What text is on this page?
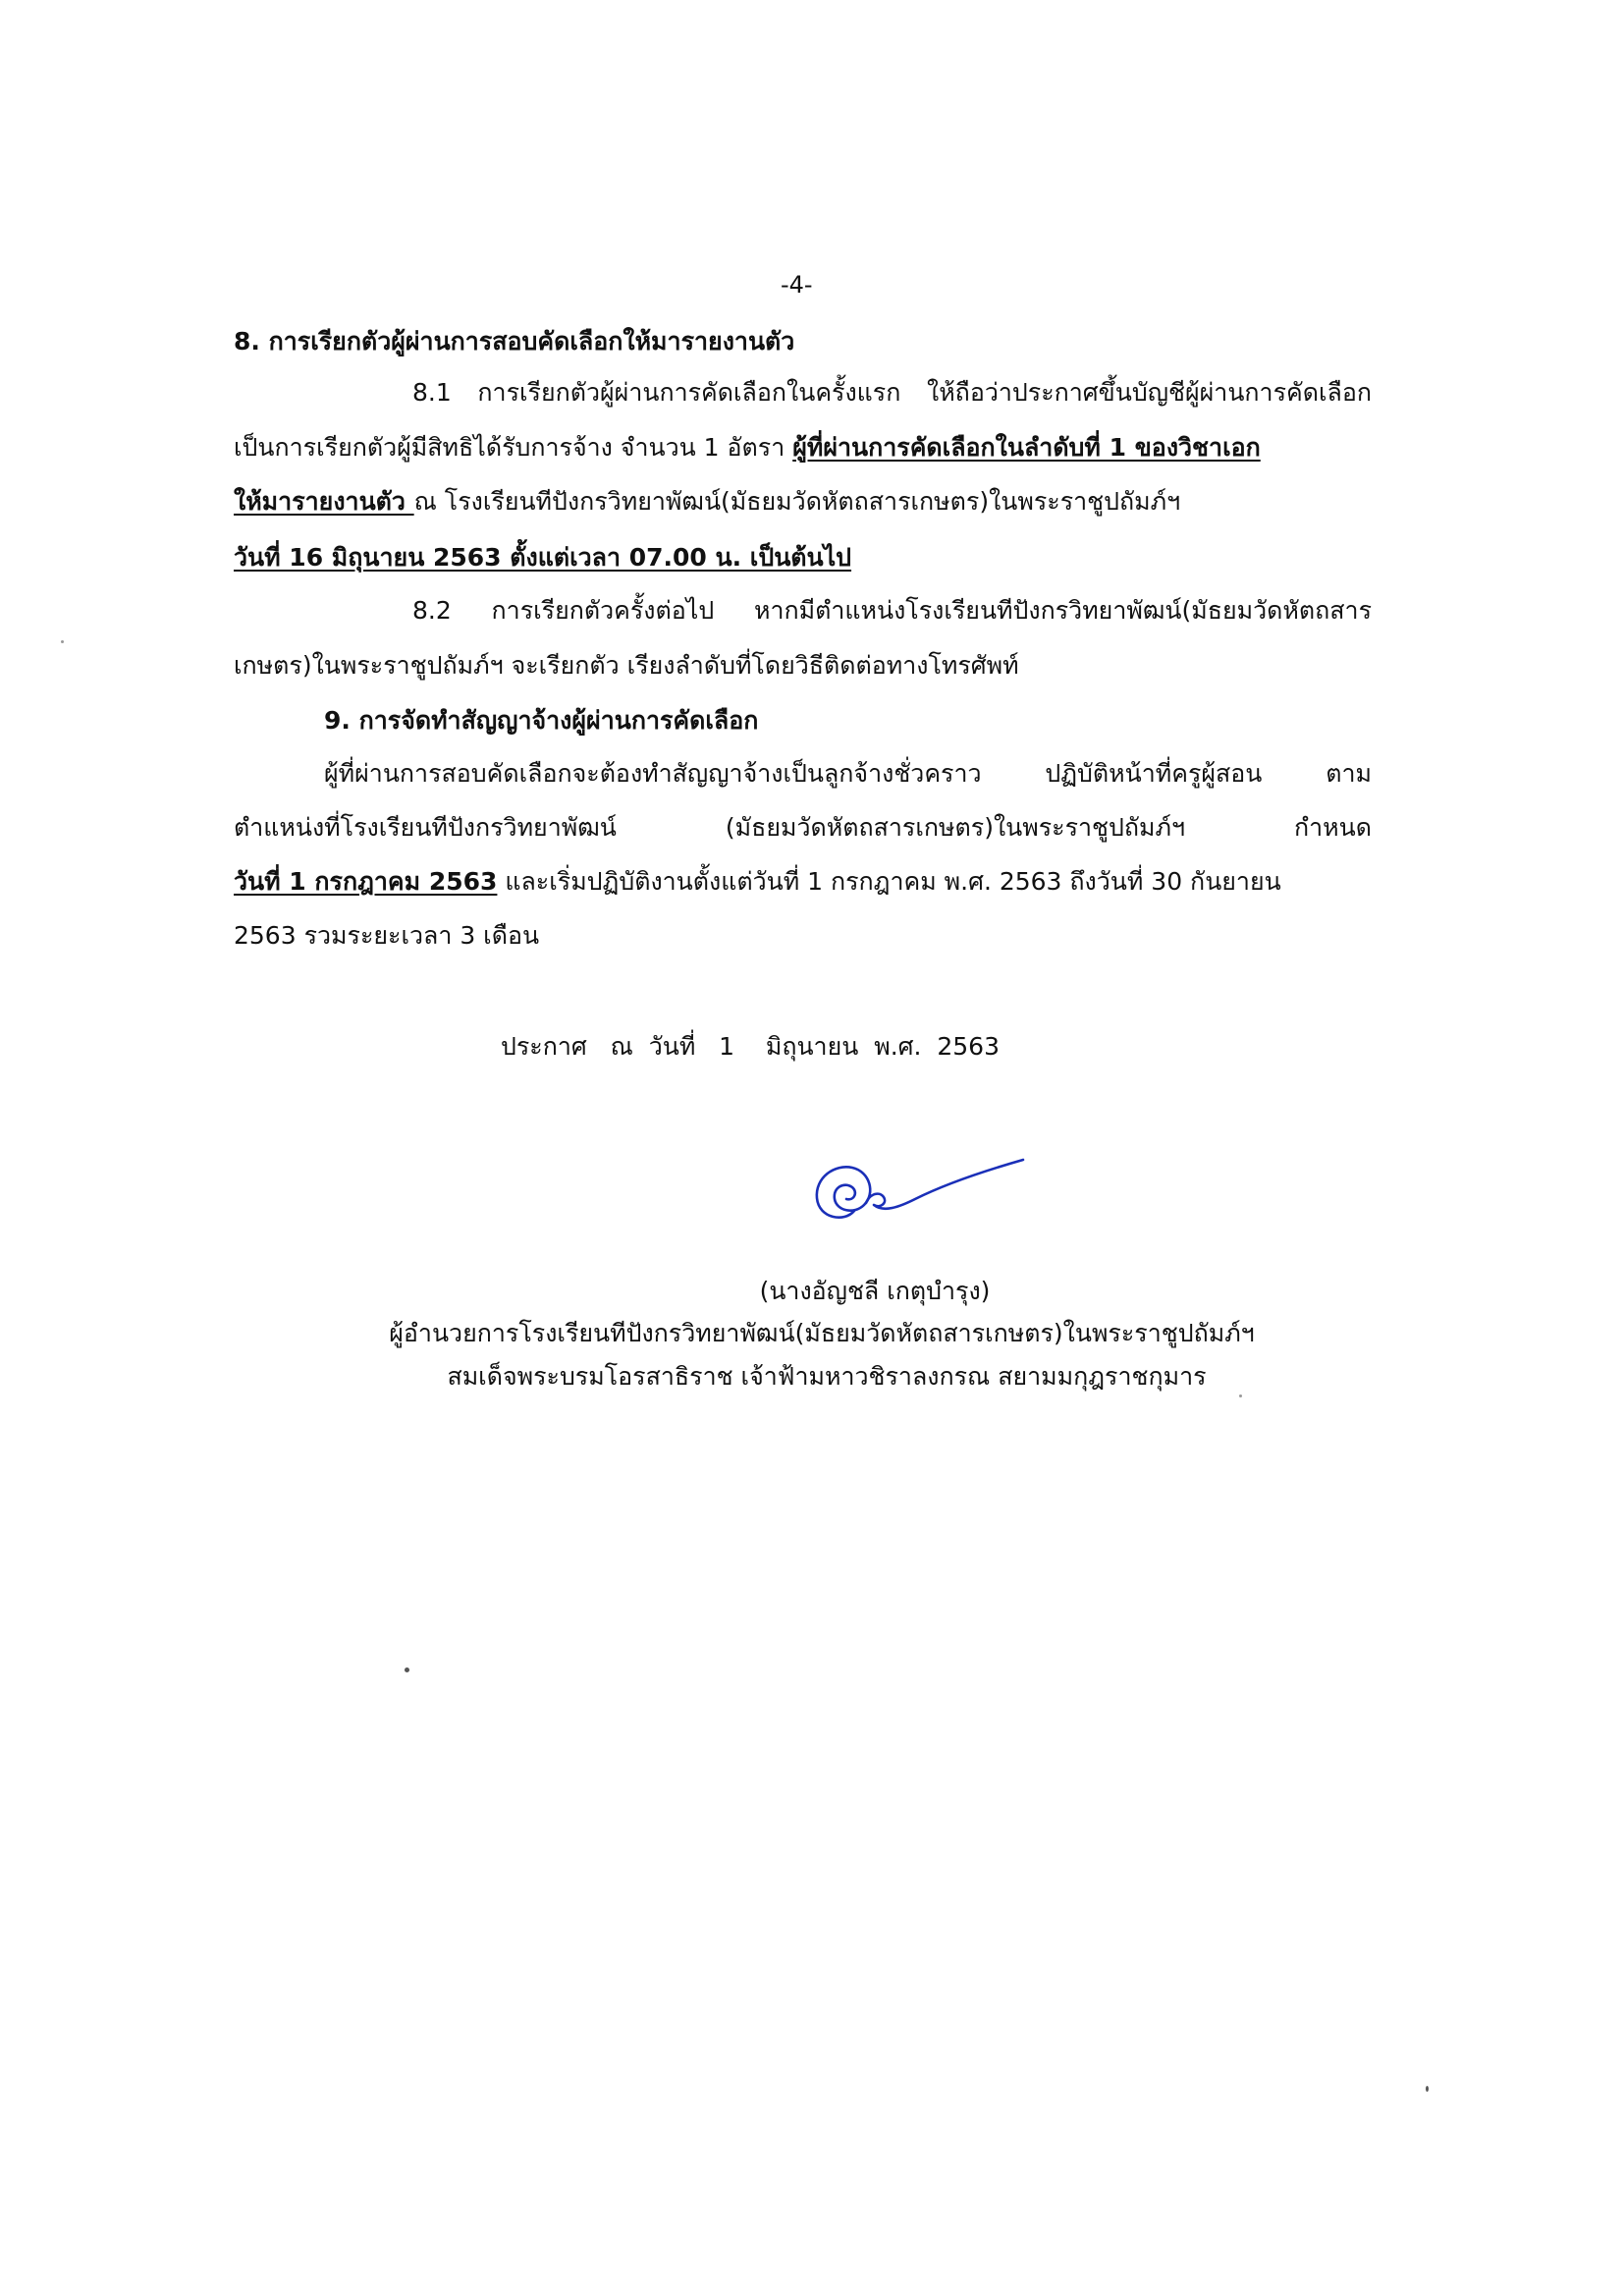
-4-
8. การเรียกตัวผู้ผ่านการสอบคัดเลือกให้มารายงานตัว
8.1 การเรียกตัวผู้ผ่านการคัดเลือกในครั้งแรก ให้ถือว่าประกาศขึ้นบัญชีผู้ผ่านการคัดเลือก
เป็นการเรียกตัวผู้มีสิทธิได้รับการจ้าง จำนวน 1 อัตรา ผู้ที่ผ่านการคัดเลือกในลำดับที่ 1 ของวิชาเอก
ให้มารายงานตัว ณ โรงเรียนทีปังกรวิทยาพัฒน์(มัธยมวัดหัตถสารเกษตร)ในพระราชูปถัมภ์ฯ
วันที่ 16 มิถุนายน 2563 ตั้งแต่เวลา 07.00 น. เป็นต้นไป
8.2 การเรียกตัวครั้งต่อไป หากมีตำแหน่งโรงเรียนทีปังกรวิทยาพัฒน์(มัธยมวัดหัตถสาร
เกษตร)ในพระราชูปถัมภ์ฯ จะเรียกตัว เรียงลำดับที่โดยวิธีติดต่อทางโทรศัพท์
9. การจัดทำสัญญาจ้างผู้ผ่านการคัดเลือก
ผู้ที่ผ่านการสอบคัดเลือกจะต้องทำสัญญาจ้างเป็นลูกจ้างชั่วคราว ปฏิบัติหน้าที่ครูผู้สอน ตาม
ตำแหน่งที่โรงเรียนทีปังกรวิทยาพัฒน์ (มัธยมวัดหัตถสารเกษตร)ในพระราชูปถัมภ์ฯ กำหนด
วันที่ 1 กรกฎาคม 2563 และเริ่มปฏิบัติงานตั้งแต่วันที่ 1 กรกฎาคม พ.ศ. 2563 ถึงวันที่ 30 กันยายน
2563 รวมระยะเวลา 3 เดือน
ประกาศ   ณ  วันที่   1    มิถุนายน  พ.ศ.  2563
(นางอัญชลี เกตุบำรุง)
ผู้อำนวยการโรงเรียนทีปังกรวิทยาพัฒน์(มัธยมวัดหัตถสารเกษตร)ในพระราชูปถัมภ์ฯ
สมเด็จพระบรมโอรสาธิราช เจ้าฟ้ามหาวชิราลงกรณ สยามมกุฎราชกุมาร
